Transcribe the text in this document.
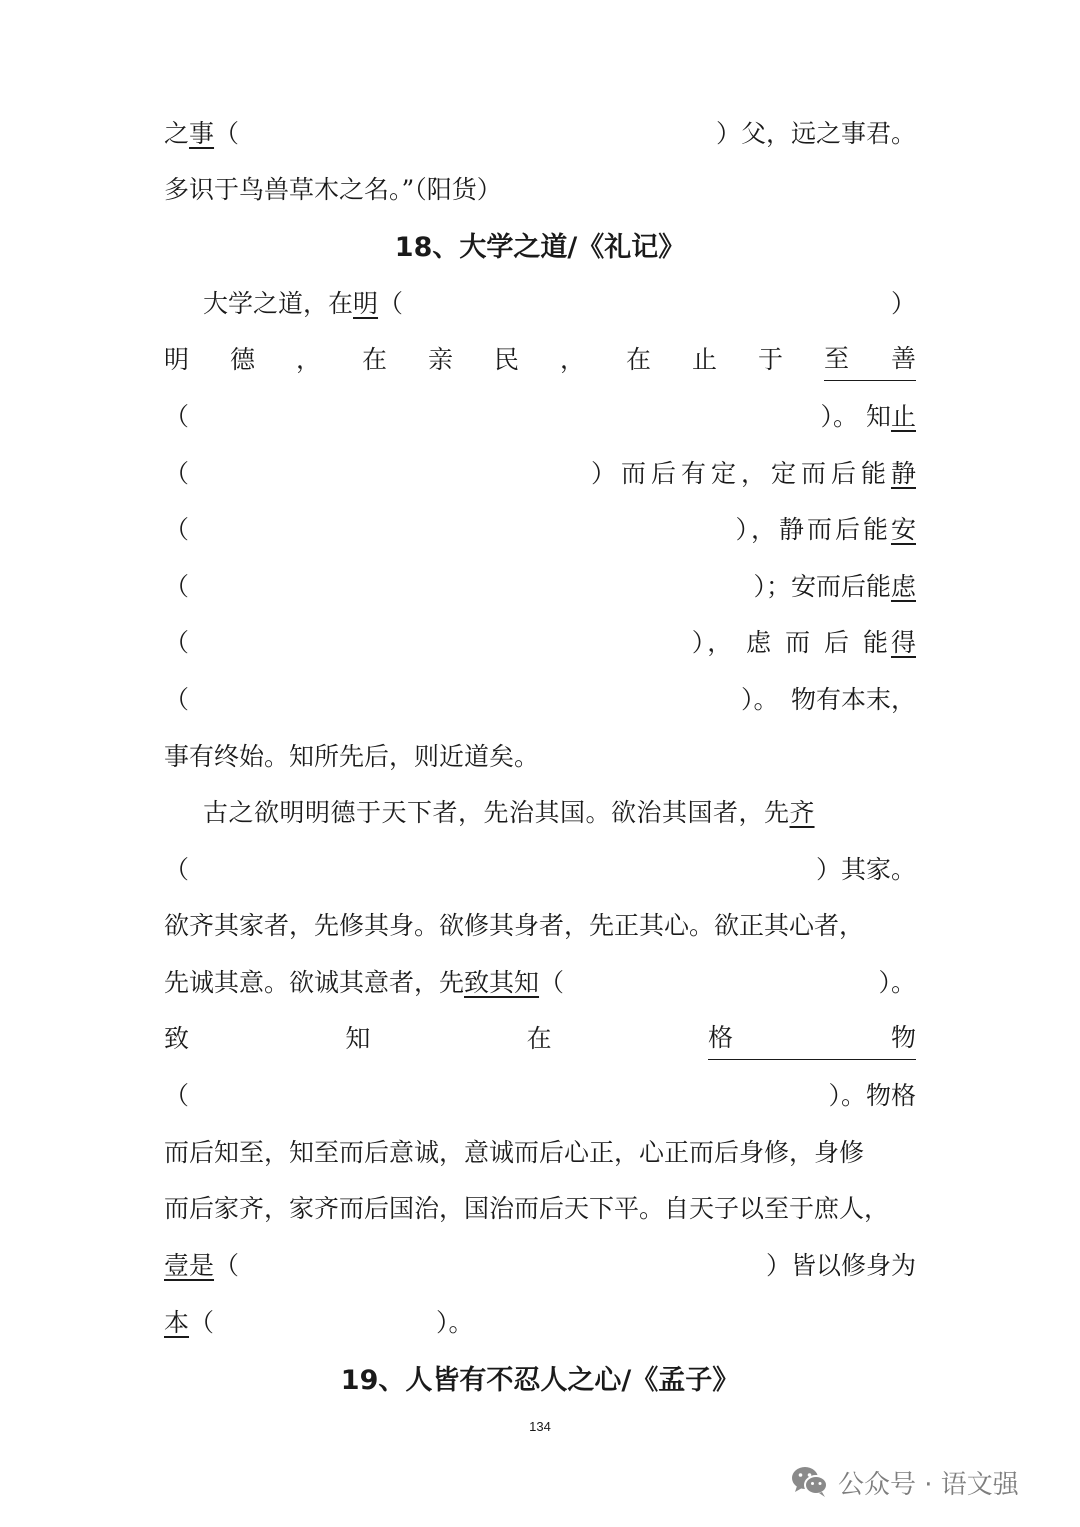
之 事 （	）父，远之事君。
多识于鸟兽草木之名。”（阳货）
18、大学之道/《礼记》
大学之道，在 明 （	）
明 德 ， 在 亲 民 ， 在 止 于 至 善
（	）。 知 止
（	）而后有定，定而后能 静
（	），静而后能 安
（	）；安而后能 虑
（	）， 虑 而 后 能 得
（	）。　物有本末，
事有终始。知所先后，则近道矣。
古之欲明明德于天下者，先治其国。欲治其国者，先 齐
（	）其家。
欲齐其家者，先修其身。欲修其身者，先正其心。欲正其心者，
先诚其意。欲诚其意者，先 致其知 （	）。
致	知	在	格	物
（	）。物格
而后知至，知至而后意诚，意诚而后心正，心正而后身修，身修
而后家齐，家齐而后国治，国治而后天下平。自天子以至于庶人，
壹是 （	）皆以修身为
本 （	）。
19、人皆有不忍人之心/《孟子》
134
公众号 · 语文强
